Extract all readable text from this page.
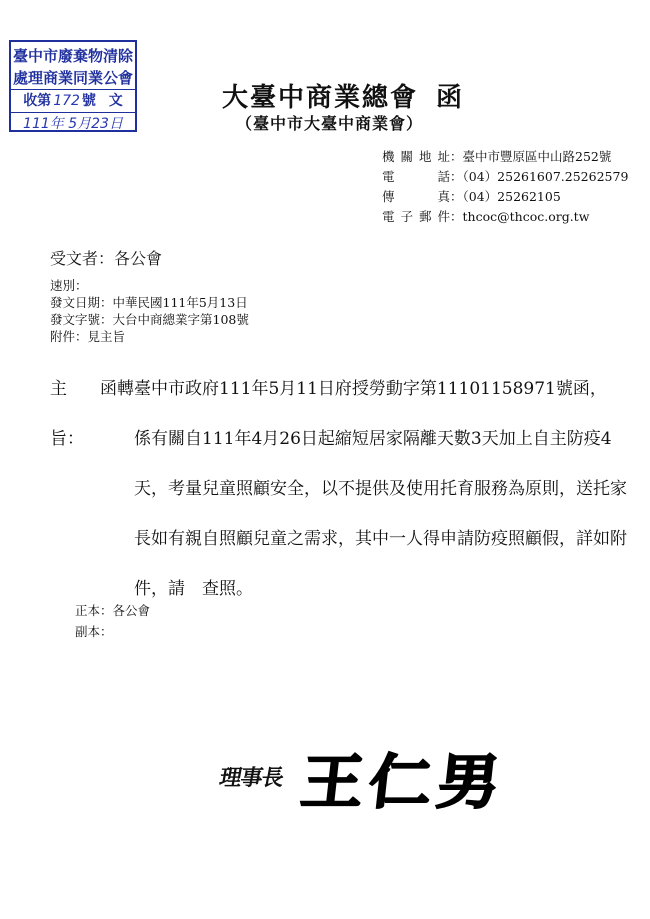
臺中市廢棄物清除
處理商業同業公會
收第 172 號 文
111年 5月23日
大臺中商業總會 函
（臺中市大臺中商業會）
機關地址：臺中市豐原區中山路252號
電話：（04）25261607.25262579
傳真：（04）25262105
電子郵件：thcoc@thcoc.org.tw
受文者：各公會
速別：
發文日期：中華民國111年5月13日
發文字號：大台中商總業字第108號
附件：見主旨
主旨：
函轉臺中市政府111年5月11日府授勞動字第11101158971號函，
係有關自111年4月26日起縮短居家隔離天數3天加上自主防疫4
天，考量兒童照顧安全，以不提供及使用托育服務為原則，送托家
長如有親自照顧兒童之需求，其中一人得申請防疫照顧假，詳如附
件，請　查照。
正本：各公會
副本：
理事長 王仁男
